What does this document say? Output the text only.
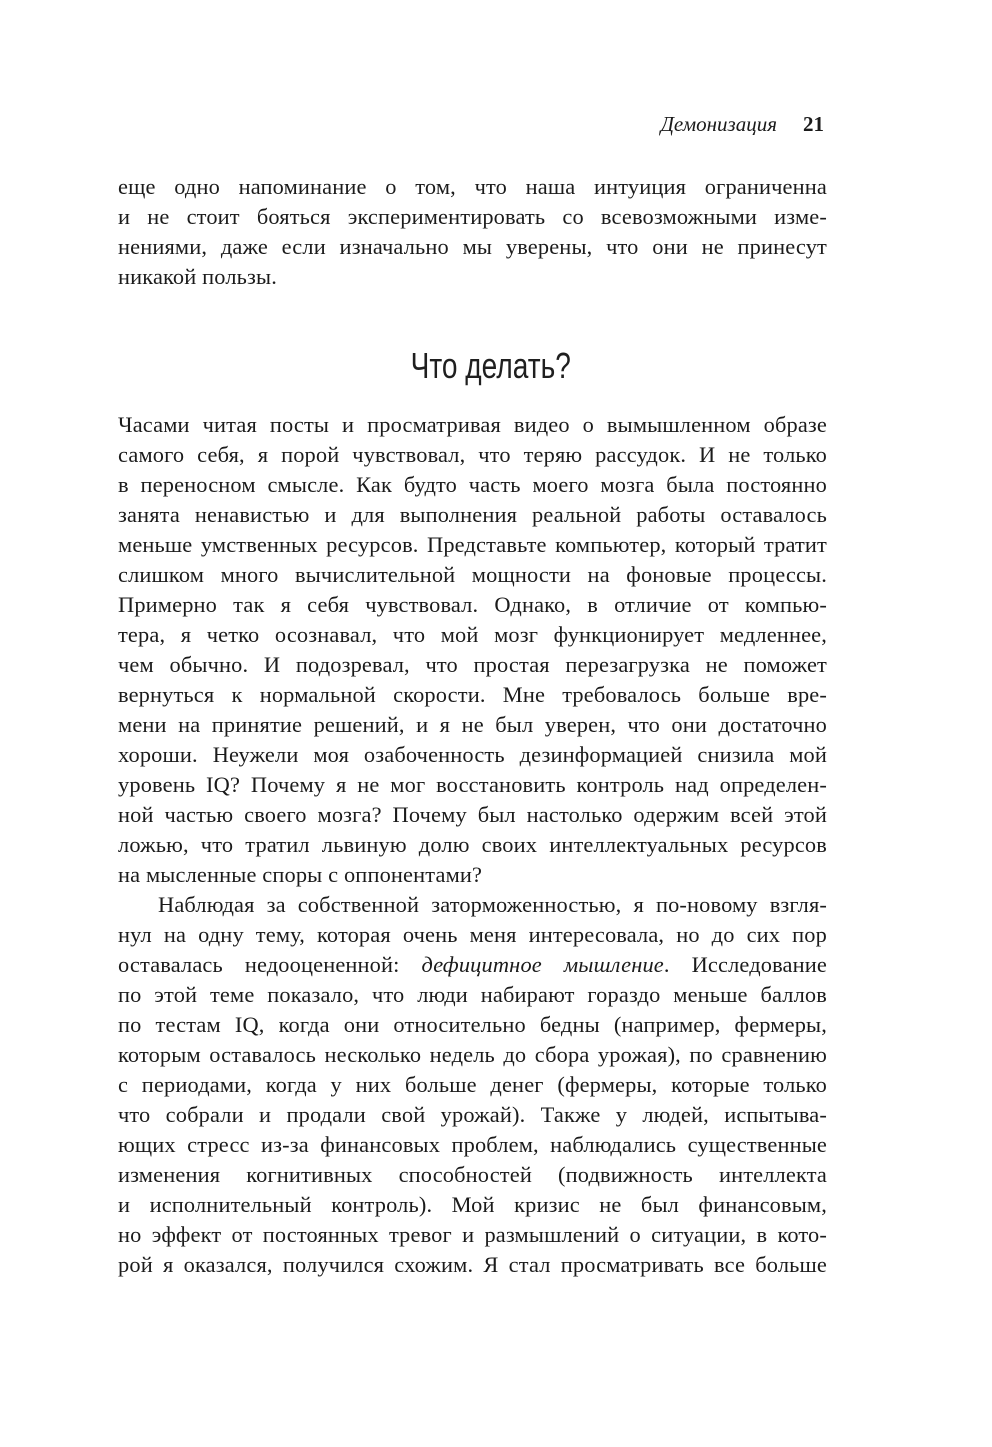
Демонизация 21
еще одно напоминание о том, что наша интуиция ограниченна
и не стоит бояться экспериментировать со всевозможными изме-
нениями, даже если изначально мы уверены, что они не принесут
никакой пользы.
Что делать?
Часами читая посты и просматривая видео о вымышленном образе
самого себя, я порой чувствовал, что теряю рассудок. И не только
в переносном смысле. Как будто часть моего мозга была постоянно
занята ненавистью и для выполнения реальной работы оставалось
меньше умственных ресурсов. Представьте компьютер, который тратит
слишком много вычислительной мощности на фоновые процессы.
Примерно так я себя чувствовал. Однако, в отличие от компью-
тера, я четко осознавал, что мой мозг функционирует медленнее,
чем обычно. И подозревал, что простая перезагрузка не поможет
вернуться к нормальной скорости. Мне требовалось больше вре-
мени на принятие решений, и я не был уверен, что они достаточно
хороши. Неужели моя озабоченность дезинформацией снизила мой
уровень IQ? Почему я не мог восстановить контроль над определен-
ной частью своего мозга? Почему был настолько одержим всей этой
ложью, что тратил львиную долю своих интеллектуальных ресурсов
на мысленные споры с оппонентами?
Наблюдая за собственной заторможенностью, я по-новому взгля-
нул на одну тему, которая очень меня интересовала, но до сих пор
оставалась недооцененной: дефицитное мышление. Исследование
по этой теме показало, что люди набирают гораздо меньше баллов
по тестам IQ, когда они относительно бедны (например, фермеры,
которым оставалось несколько недель до сбора урожая), по сравнению
с периодами, когда у них больше денег (фермеры, которые только
что собрали и продали свой урожай). Также у людей, испытыва-
ющих стресс из-за финансовых проблем, наблюдались существенные
изменения когнитивных способностей (подвижность интеллекта
и исполнительный контроль). Мой кризис не был финансовым,
но эффект от постоянных тревог и размышлений о ситуации, в кото-
рой я оказался, получился схожим. Я стал просматривать все больше
